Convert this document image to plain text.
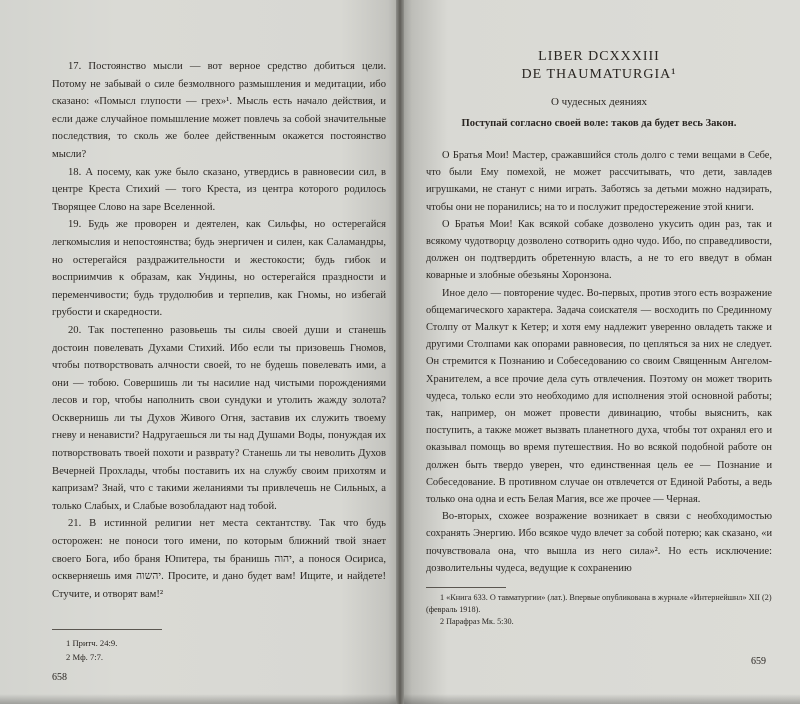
17. Постоянство мысли — вот верное средство добиться цели. Потому не забывай о силе безмолвного размышления и медитации, ибо сказано: «Помысл глупости — грех»¹. Мысль есть начало действия, и если даже случайное помышление может повлечь за собой значительные последствия, то сколь же более действенным окажется постоянство мысли?

18. А посему, как уже было сказано, утвердись в равновесии сил, в центре Креста Стихий — того Креста, из центра которого родилось Творящее Слово на заре Вселенной.

19. Будь же проворен и деятелен, как Сильфы, но остерегайся легкомыслия и непостоянства; будь энергичен и силен, как Саламандры, но остерегайся раздражительности и жестокости; будь гибок и восприимчив к образам, как Ундины, но остерегайся праздности и переменчивости; будь трудолюбив и терпелив, как Гномы, но избегай грубости и скаредности.

20. Так постепенно разовьешь ты силы своей души и станешь достоин повелевать Духами Стихий. Ибо если ты призовешь Гномов, чтобы потворствовать алчности своей, то не будешь повелевать ими, а они — тобою. Совершишь ли ты насилие над чистыми порождениями лесов и гор, чтобы наполнить свои сундуки и утолить жажду золота? Осквернишь ли ты Духов Живого Огня, заставив их служить твоему гневу и ненависти? Надругаешься ли ты над Душами Воды, понуждая их потворствовать твоей похоти и разврату? Станешь ли ты неволить Духов Вечерней Прохлады, чтобы поставить их на службу своим прихотям и капризам? Знай, что с такими желаниями ты привлечешь не Сильных, а только Слабых, и Слабые возобладают над тобой.

21. В истинной религии нет места сектантству. Так что будь осторожен: не поноси того имени, по которым ближний твой знает своего Бога, ибо браня Юпитера, ты бранишь ‎יהוה, а понося Осириса, оскверняешь имя ‎יהשוה. Просите, и дано будет вам! Ищите, и найдете! Стучите, и отворят вам!²

1 Притч. 24:9.

2 Мф. 7:7.

658

LIBER DCXXXIII

DE THAUMATURGIA¹

О чудесных деяниях

Поступай согласно своей воле: таков да будет весь Закон.

О Братья Мои! Мастер, сражавшийся столь долго с теми вещами в Себе, что были Ему помехой, не может рассчитывать, что дети, завладев игрушками, не станут с ними играть. Заботясь за детьми можно надзирать, чтобы они не поранились; на то и послужит предостережение этой книги.

О Братья Мои! Как всякой собаке дозволено укусить один раз, так и всякому чудотворцу дозволено сотворить одно чудо. Ибо, по справедливости, должен он подтвердить обретенную власть, а не то его введут в обман коварные и злобные обезьяны Хоронзона.

Иное дело — повторение чудес. Во-первых, против этого есть возражение общемагического характера. Задача соискателя — восходить по Срединному Столпу от Малкут к Кетер; и хотя ему надлежит уверенно овладеть также и другими Столпами как опорами равновесия, по цепляться за них не следует. Он стремится к Познанию и Собеседованию со своим Священным Ангелом-Хранителем, а все прочие дела суть отвлечения. Поэтому он может творить чудеса, только если это необходимо для исполнения этой основной работы; так, например, он может провести дивинацию, чтобы выяснить, как поступить, а также может вызвать планетного духа, чтобы тот охранял его и оказывал помощь во время путешествия. Но во всякой подобной работе он должен быть твердо уверен, что единственная цель ее — Познание и Собеседование. В противном случае он отвлечется от Единой Работы, а ведь только она одна и есть Белая Магия, все же прочее — Черная.

Во-вторых, схожее возражение возникает в связи с необходимостью сохранять Энергию. Ибо всякое чудо влечет за собой потерю; как сказано, «и почувствовала она, что вышла из него сила»². Но есть исключение: дозволительны чудеса, ведущие к сохранению

1 «Книга 633. О тавматургии» (лат.). Впервые опубликована в журнале «Интернейшнл» XII (2) (февраль 1918).

2 Парафраз Мк. 5:30.

659
